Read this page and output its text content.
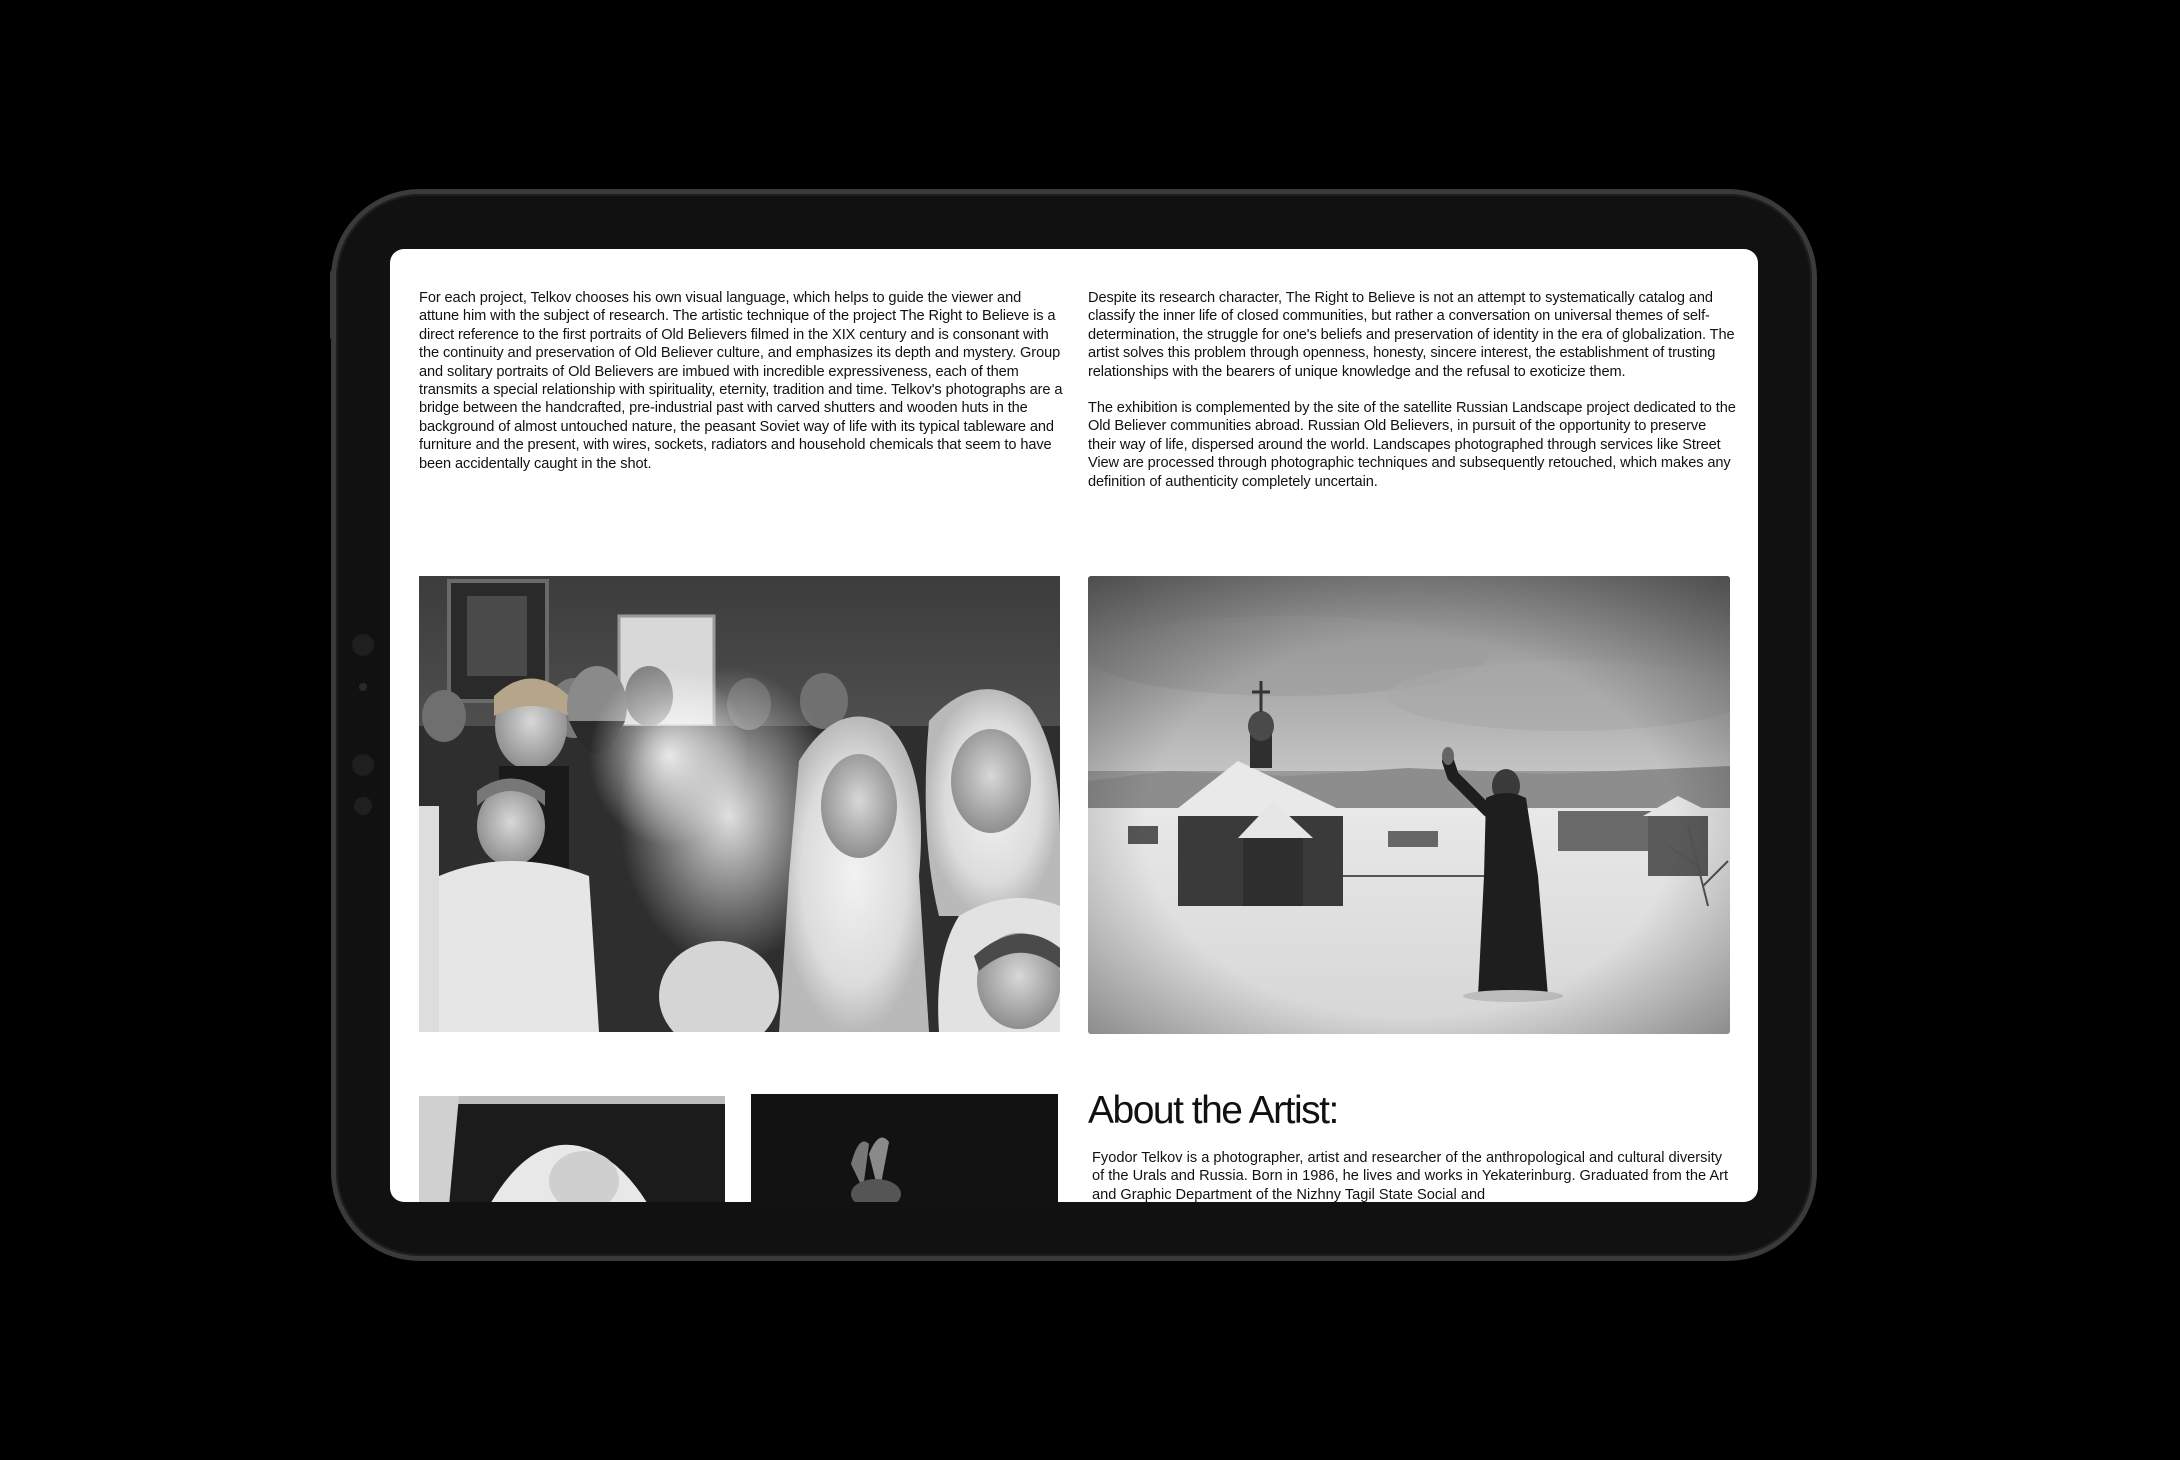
For each project, Telkov chooses his own visual language, which helps to guide the viewer and attune him with the subject of research. The artistic technique of the project The Right to Believe is a direct reference to the first portraits of Old Believers filmed in the XIX century and is consonant with the continuity and preservation of Old Believer culture, and emphasizes its depth and mystery. Group and solitary portraits of Old Believers are imbued with incredible expressiveness, each of them transmits a special relationship with spirituality, eternity, tradition and time. Telkov's photographs are a bridge between the handcrafted, pre-industrial past with carved shutters and wooden huts in the background of almost untouched nature, the peasant Soviet way of life with its typical tableware and furniture and the present, with wires, sockets, radiators and household chemicals that seem to have been accidentally caught in the shot.

Despite its research character, The Right to Believe is not an attempt to systematically catalog and classify the inner life of closed communities, but rather a conversation on universal themes of self-determination, the struggle for one's beliefs and preservation of identity in the era of globalization. The artist solves this problem through openness, honesty, sincere interest, the establishment of trusting relationships with the bearers of unique knowledge and the refusal to exoticize them.

The exhibition is complemented by the site of the satellite Russian Landscape project dedicated to the Old Believer communities abroad. Russian Old Believers, in pursuit of the opportunity to preserve their way of life, dispersed around the world. Landscapes photographed through services like Street View are processed through photographic techniques and subsequently retouched, which makes any definition of authenticity completely uncertain.

About the Artist:
Fyodor Telkov is a photographer, artist and researcher of the anthropological and cultural diversity of the Urals and Russia. Born in 1986, he lives and works in Yekaterinburg. Graduated from the Art and Graphic Department of the Nizhny Tagil State Social and
